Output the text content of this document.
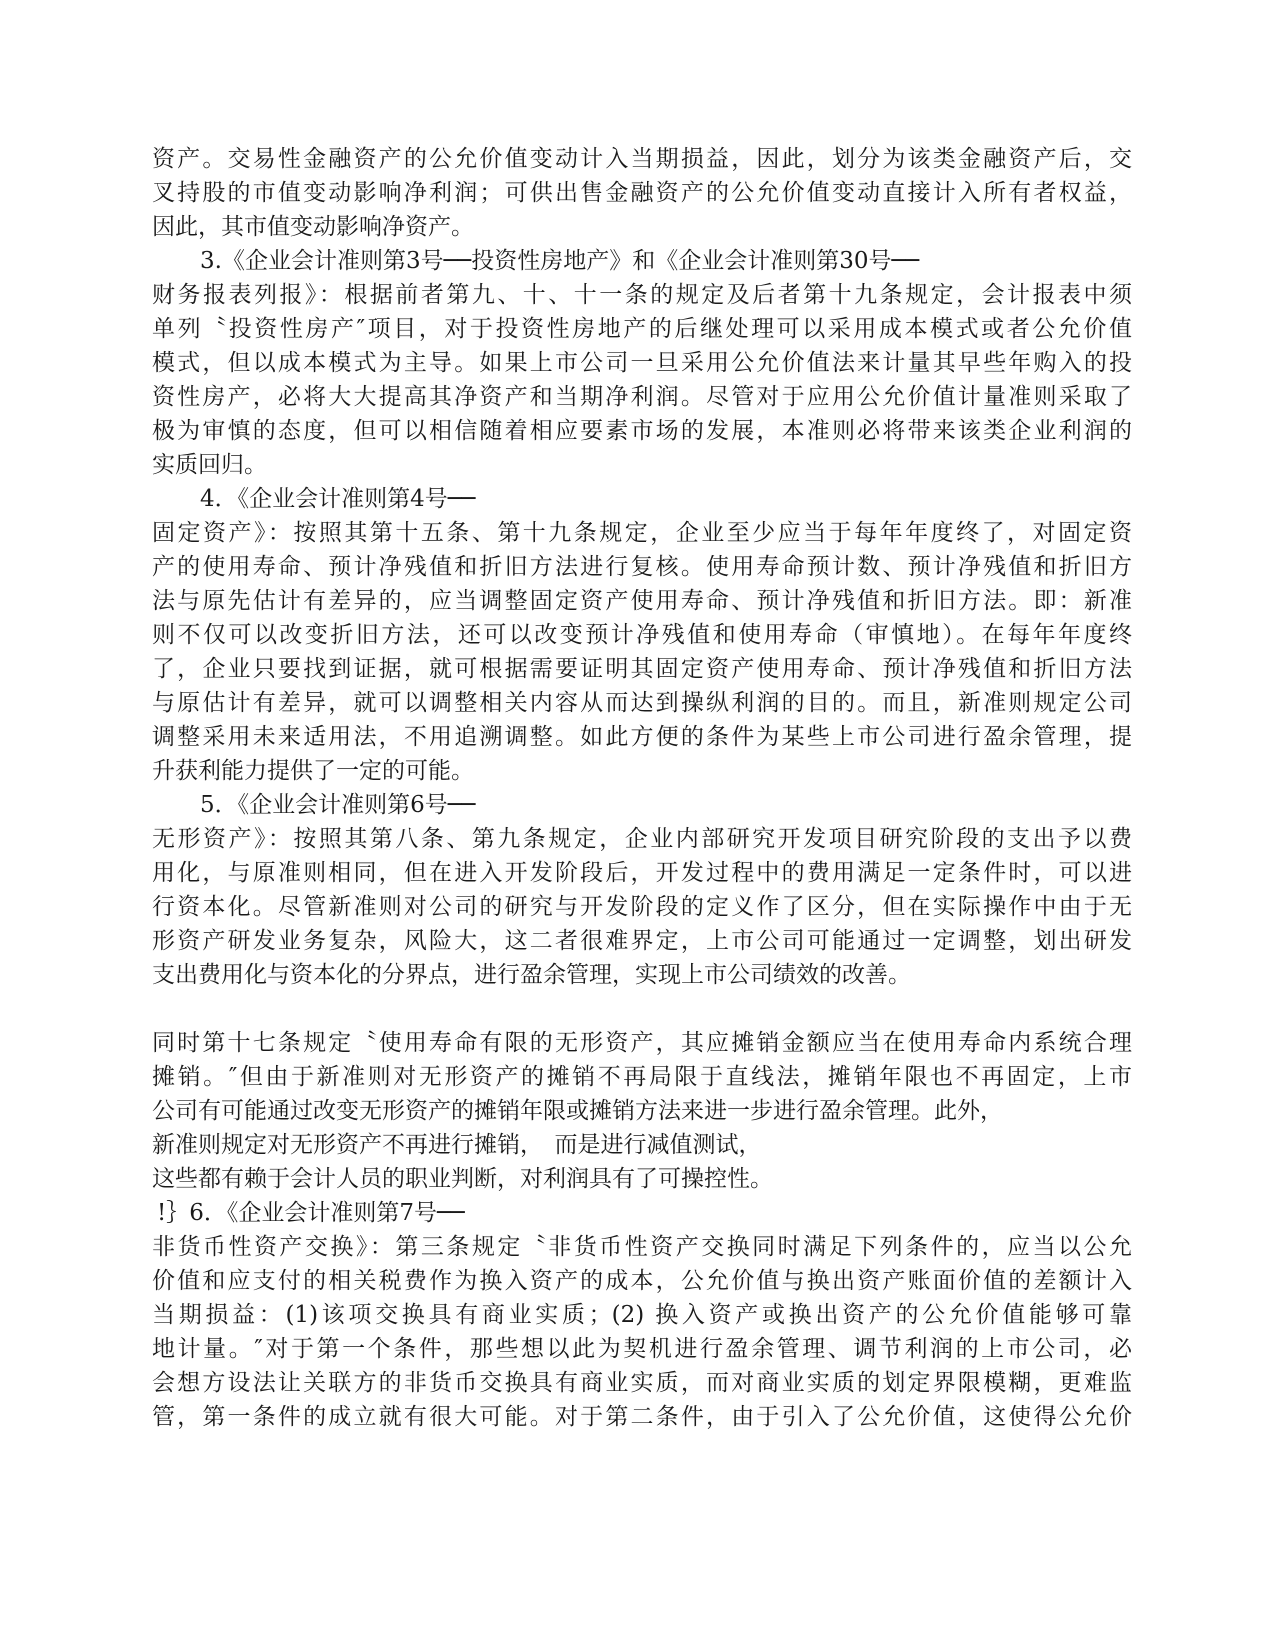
资产。交易性金融资产的公允价值变动计入当期损益，因此，划分为该类金融资产后，交
叉持股的市值变动影响净利润；可供出售金融资产的公允价值变动直接计入所有者权益，
因此，其市值变动影响净资产。
3.《企业会计准则第3号──投资性房地产》和《企业会计准则第30号──
财务报表列报》：根据前者第九、十、十一条的规定及后者第十九条规定，会计报表中须
单列〝投资性房产″项目，对于投资性房地产的后继处理可以采用成本模式或者公允价值
模式，但以成本模式为主导。如果上市公司一旦采用公允价值法来计量其早些年购入的投
资性房产，必将大大提高其净资产和当期净利润。尽管对于应用公允价值计量准则采取了
极为审慎的态度，但可以相信随着相应要素市场的发展，本准则必将带来该类企业利润的
实质回归。
4．《企业会计准则第4号──
固定资产》：按照其第十五条、第十九条规定，企业至少应当于每年年度终了，对固定资
产的使用寿命、预计净残值和折旧方法进行复核。使用寿命预计数、预计净残值和折旧方
法与原先估计有差异的，应当调整固定资产使用寿命、预计净残值和折旧方法。即：新准
则不仅可以改变折旧方法，还可以改变预计净残值和使用寿命（审慎地）。在每年年度终
了，企业只要找到证据，就可根据需要证明其固定资产使用寿命、预计净残值和折旧方法
与原估计有差异，就可以调整相关内容从而达到操纵利润的目的。而且，新准则规定公司
调整采用未来适用法，不用追溯调整。如此方便的条件为某些上市公司进行盈余管理，提
升获利能力提供了一定的可能。
5．《企业会计准则第6号──
无形资产》：按照其第八条、第九条规定，企业内部研究开发项目研究阶段的支出予以费
用化，与原准则相同，但在进入开发阶段后，开发过程中的费用满足一定条件时，可以进
行资本化。尽管新准则对公司的研究与开发阶段的定义作了区分，但在实际操作中由于无
形资产研发业务复杂，风险大，这二者很难界定，上市公司可能通过一定调整，划出研发
支出费用化与资本化的分界点，进行盈余管理，实现上市公司绩效的改善。
同时第十七条规定〝使用寿命有限的无形资产，其应摊销金额应当在使用寿命内系统合理
摊销。″但由于新准则对无形资产的摊销不再局限于直线法，摊销年限也不再固定，上市
公司有可能通过改变无形资产的摊销年限或摊销方法来进一步进行盈余管理。此外，
新准则规定对无形资产不再进行摊销，　而是进行减值测试，
这些都有赖于会计人员的职业判断，对利润具有了可操控性。
!｝6．《企业会计准则第7号──
非货币性资产交换》：第三条规定〝非货币性资产交换同时满足下列条件的，应当以公允
价值和应支付的相关税费作为换入资产的成本，公允价值与换出资产账面价值的差额计入
当期损益：(1)该项交换具有商业实质；(2) 换入资产或换出资产的公允价值能够可靠
地计量。″对于第一个条件，那些想以此为契机进行盈余管理、调节利润的上市公司，必
会想方设法让关联方的非货币交换具有商业实质，而对商业实质的划定界限模糊，更难监
管，第一条件的成立就有很大可能。对于第二条件，由于引入了公允价值，这使得公允价
